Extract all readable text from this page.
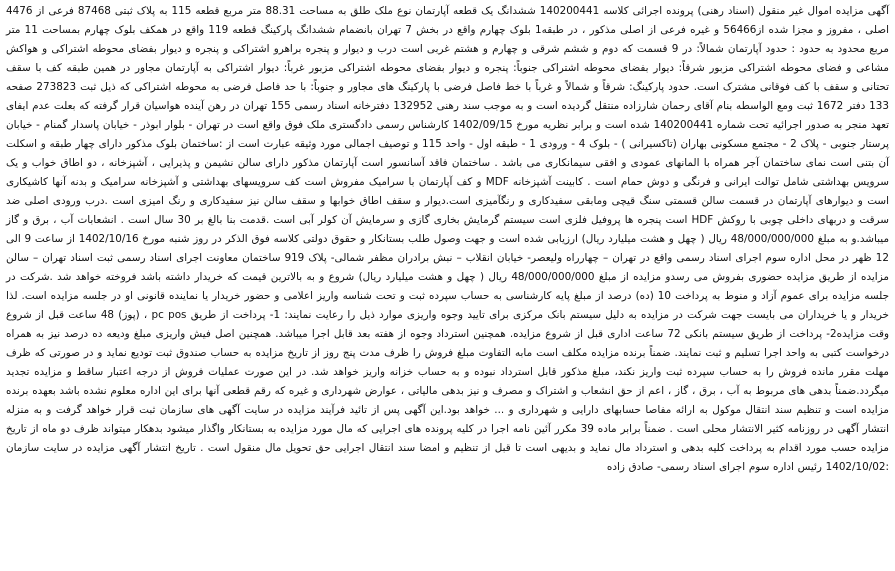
آگهی مزایده اموال غیر منقول (اسناد رهنی) پرونده اجرائی کلاسه 140200441 ششدانگ یک قطعه آپارتمان نوع ملک طلق به مساحت 88.31 متر مربع قطعه 115 به پلاک ثبتی 87468 فرعی از 4476 اصلی ، مفروز و مجزا شده از56466 و غیره فرعی از اصلی مذکور ، در طبقه1 بلوک چهارم واقع در بخش 7 تهران بانضمام ششدانگ پارکینگ قطعه 119 واقع در همکف بلوک چهارم بمساحت 11 متر مربع محدود به حدود : حدود آپارتمان شمالاً: در 9 قسمت که دوم و ششم شرقی و چهارم و هشتم غربی است درب و دیوار و پنجره براهرو اشتراکی و پنجره و دیوار بفضای محوطه اشتراکی و هواکش مشاعی و فضای محوطه اشتراکی مزبور شرقاً: دیوار بفضای محوطه اشتراکی جنوباً: پنجره و دیوار بفضای محوطه اشتراکی مزبور غرباً: دیوار اشتراکی به آپارتمان مجاور در همین طبقه کف با سقف تحتانی و سقف با کف فوقانی مشترک است. حدود پارکینگ: شرقاً و شمالاً و غرباً با خط فاصل فرضی با پارکینگ های مجاور و جنوباً: با حد فاصل فرضی به محوطه اشتراکی که ذیل ثبت 273823 صفحه 133 دفتر 1672 ثبت ومع الواسطه بنام آقای رحمان شارزاده منتقل گردیده است و به موجب سند رهنی 132952 دفترخانه اسناد رسمی 155 تهران در رهن آینده هواسیان قرار گرفته که بعلت عدم ایفای تعهد منجر به صدور اجرائیه تحت شماره 140200441 شده است و برابر نظریه مورخ 1402/09/15 کارشناس رسمی دادگستری ملک فوق واقع است در تهران - بلوار ابوذر - خیابان پاسدار گمنام - خیابان پرستار جنوبی - پلاک 2 - مجتمع مسکونی بهاران (تاکسیرانی ) - بلوک 4 - ورودی 1 - طبقه اول - واحد 115 و توصیف اجمالی مورد وثیقه عبارت است از :ساختمان بلوک مذکور دارای چهار طبقه و اسکلت آن بتنی است نمای ساختمان آجر همراه با المانهای عمودی و افقی سیمانکاری می باشد . ساختمان فاقد آسانسور است آپارتمان مذکور دارای سالن نشیمن و پذیرایی ، آشپزخانه ، دو اطاق خواب و یک سرویس بهداشتی شامل توالت ایرانی و فرنگی و دوش حمام است . کابینت آشپزخانه MDF و کف آپارتمان با سرامیک مفروش است کف سرویسهای بهداشتی و آشپزخانه سرامیک و بدنه آنها کاشیکاری است و دیوارهای آپارتمان در قسمت سالن قسمتی سنگ قیچی ومابقی سفیدکاری و رنگآمیزی است.دیوار و سقف اطاق خوابها و سقف سالن نیز سفیدکاری و رنگ امیزی است .درب ورودی اصلی ضد سرقت و دربهای داخلی چوبی با روکش HDF است پنجره ها پروفیل فلزی است سیستم گرمایش بخاری گازی و سرمایش آن کولر آبی است .قدمت بنا بالغ بر 30 سال است . انشعابات آب ، برق و گاز میباشد.و به مبلغ 48/000/000/000 ریال ( چهل و هشت میلیارد ریال) ارزیابی شده است و جهت وصول طلب بستانکار و حقوق دولتی کلاسه فوق الذکر در روز شنبه مورخ 1402/10/16 از ساعت 9 الی 12 ظهر در محل اداره سوم اجرای اسناد رسمی واقع در تهران – چهارراه ولیعصر- خیابان انقلاب – نبش برادران مظفر شمالی- پلاک 919 ساختمان معاونت اجرای اسناد رسمی ثبت اسناد تهران – سالن مزایده از طریق مزایده حضوری بفروش می رسدو مزایده از مبلغ 48/000/000/000 ریال ( چهل و هشت میلیارد ریال) شروع و به بالاترین قیمت که خریدار داشته باشد فروخته خواهد شد .شرکت در جلسه مزایده برای عموم آزاد و منوط به پرداخت 10 (ده) درصد از مبلغ پایه کارشناسی به حساب سپرده ثبت و تحت شناسه واریز اعلامی و حضور خریدار یا نماینده قانونی او در جلسه مزایده است. لذا خریدار و یا خریداران می بایست جهت شرکت در مزایده به دلیل سیستم بانک مرکزی برای تایید وجوه واریزی موارد ذیل را رعایت نمایند: 1- پرداخت از طریق pc pos ، (پوز) 48 ساعت قبل از شروع وقت مزایده2- پرداخت از طریق سیستم بانکی 72 ساعت اداری قبل از شروع مزایده. همچنین استرداد وجوه از هفته بعد قابل اجرا میباشد. همچنین اصل فیش واریزی مبلغ ودیعه ده درصد نیز به همراه درخواست کتبی به واحد اجرا تسلیم و ثبت نمایند. ضمناً برنده مزایده مکلف است مابه التفاوت مبلغ فروش را ظرف مدت پنج روز از تاریخ مزایده به حساب صندوق ثبت تودیع نماید و در صورتی که ظرف مهلت مقرر مانده فروش را به حساب سپرده ثبت واریز نکند، مبلغ مذکور قابل استرداد نبوده و به حساب خزانه واریز خواهد شد. در این صورت عملیات فروش از درجه اعتبار ساقط و مزایده تجدید میگردد.ضمناً بدهی های مربوط به آب ، برق ، گاز ، اعم از حق انشعاب و اشتراک و مصرف و نیز بدهی مالیاتی ، عوارض شهرداری و غیره که رقم قطعی آنها برای این اداره معلوم نشده باشد بعهده برنده مزایده است و تنظیم سند انتقال موکول به ارائه مفاصا حسابهای دارایی و شهرداری و ... خواهد بود.این آگهی پس از تائید فرآیند مزایده در سایت آگهی های سازمان ثبت قرار خواهد گرفت و به منزله انتشار آگهی در روزنامه کثیر الانتشار محلی است . ضمناً برابر ماده 39 مکرر آئین نامه اجرا در کلیه پرونده های اجرایی که مال مورد مزایده به بستانکار واگذار میشود بدهکار میتواند ظرف دو ماه از تاریخ مزایده حسب مورد اقدام به پرداخت کلیه بدهی و استرداد مال نماید و بدیهی است تا قبل از تنظیم و امضا سند انتقال اجرایی حق تحویل مال منقول است . تاریخ انتشار آگهی مزایده در سایت سازمان :1402/10/02 رئیس اداره سوم اجرای اسناد رسمی- صادق زاده
